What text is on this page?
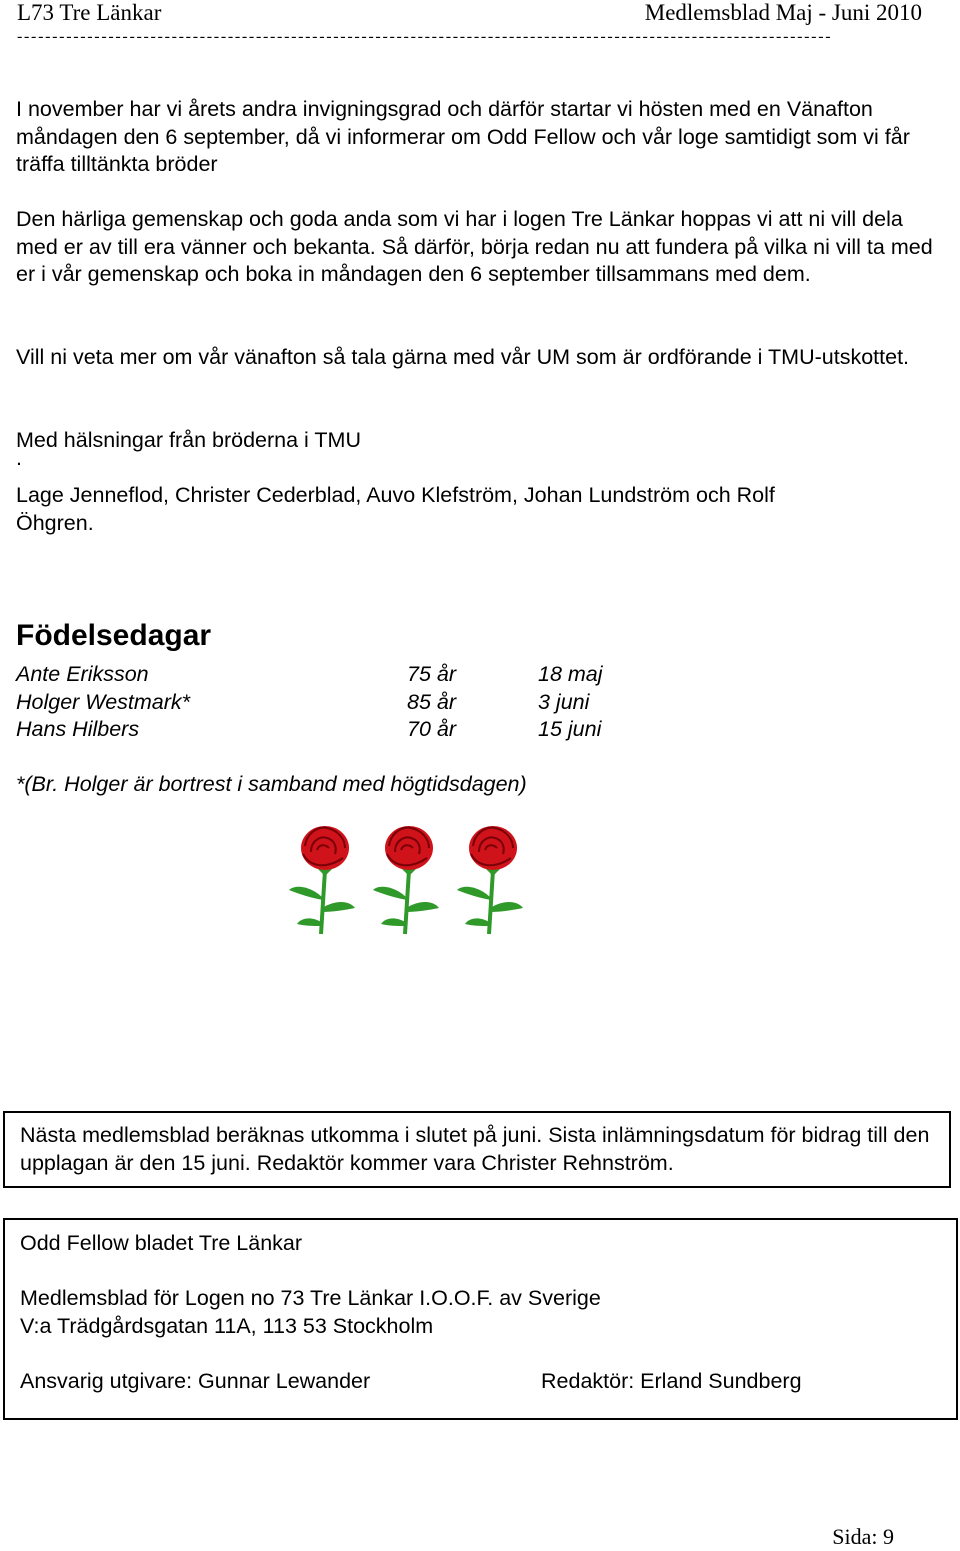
L73 Tre Länkar	Medlemsblad Maj - Juni 2010
--------------------------------------------------------------------------------------------------------------------

I november har vi årets andra invigningsgrad och därför startar vi hösten med en Vänafton måndagen den 6 september, då vi informerar om Odd Fellow och vår loge samtidigt som vi får träffa tilltänkta bröder

Den härliga gemenskap och goda anda som vi har i logen Tre Länkar hoppas vi att ni vill dela med er av till era vänner och bekanta. Så därför, börja redan nu att fundera på vilka ni vill ta med er i vår gemenskap och boka in måndagen den 6 september tillsammans med dem.

Vill ni veta mer om vår vänafton så tala gärna med vår UM som är ordförande i TMU-utskottet.

Med hälsningar från bröderna i TMU

.

Lage Jenneflod, Christer Cederblad, Auvo Klefström, Johan Lundström och Rolf Öhgren.

Födelsedagar
Ante Eriksson	75 år	18 maj
Holger Westmark*	85 år	3 juni
Hans Hilbers	70 år	15 juni
*(Br. Holger är bortrest i samband med högtidsdagen)
Nästa medlemsblad beräknas utkomma i slutet på juni. Sista inlämningsdatum för bidrag till den upplagan är den 15 juni. Redaktör kommer vara Christer Rehnström.
Odd Fellow bladet Tre Länkar
Medlemsblad för Logen no 73 Tre Länkar I.O.O.F. av Sverige
V:a Trädgårdsgatan 11A, 113 53 Stockholm
Ansvarig utgivare: Gunnar Lewander	Redaktör: Erland Sundberg
Sida: 9
